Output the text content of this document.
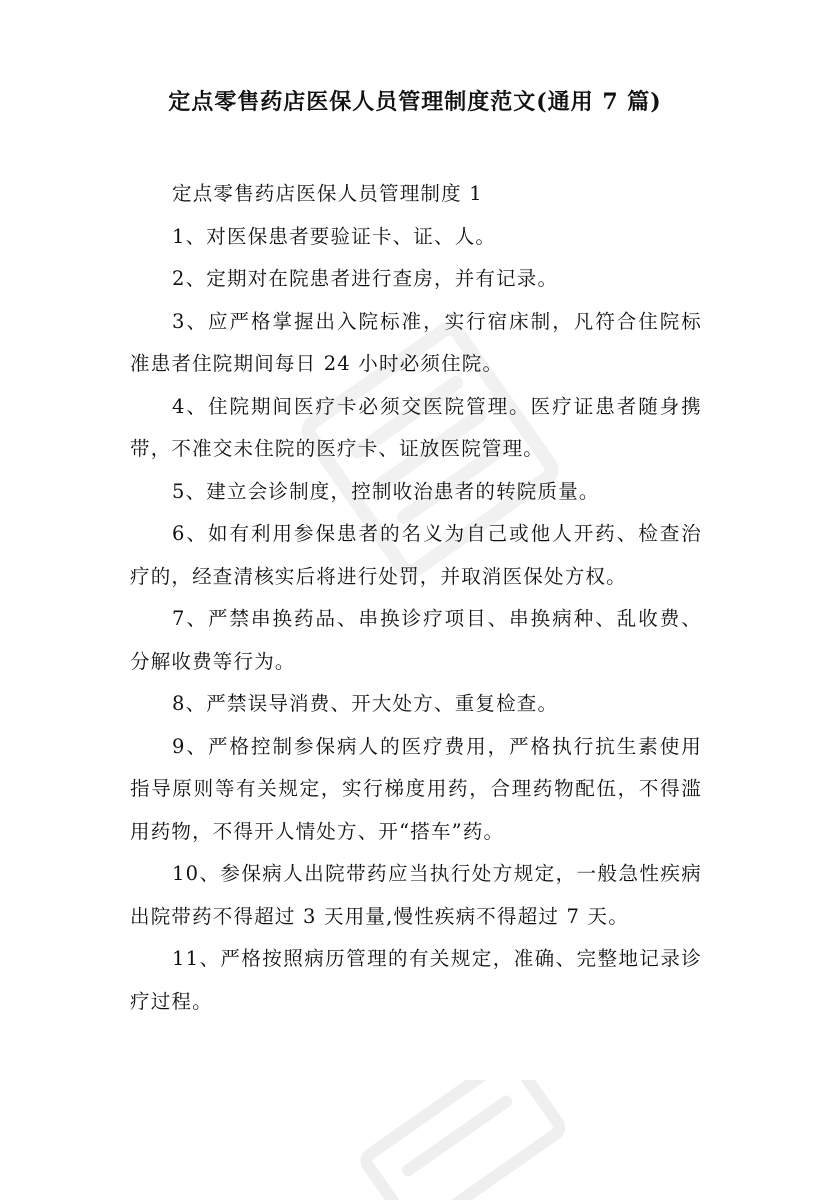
定点零售药店医保人员管理制度范文(通用 7 篇)

定点零售药店医保人员管理制度 1

1、对医保患者要验证卡、证、人。

2、定期对在院患者进行查房，并有记录。

3、应严格掌握出入院标准，实行宿床制，凡符合住院标准患者住院期间每日 24 小时必须住院。

4、住院期间医疗卡必须交医院管理。医疗证患者随身携带，不准交未住院的医疗卡、证放医院管理。

5、建立会诊制度，控制收治患者的转院质量。

6、如有利用参保患者的名义为自己或他人开药、检查治疗的，经查清核实后将进行处罚，并取消医保处方权。

7、严禁串换药品、串换诊疗项目、串换病种、乱收费、分解收费等行为。

8、严禁误导消费、开大处方、重复检查。

9、严格控制参保病人的医疗费用，严格执行抗生素使用指导原则等有关规定，实行梯度用药，合理药物配伍，不得滥用药物，不得开人情处方、开“搭车”药。

10、参保病人出院带药应当执行处方规定，一般急性疾病出院带药不得超过 3 天用量,慢性疾病不得超过 7 天。

11、严格按照病历管理的有关规定，准确、完整地记录诊疗过程。
